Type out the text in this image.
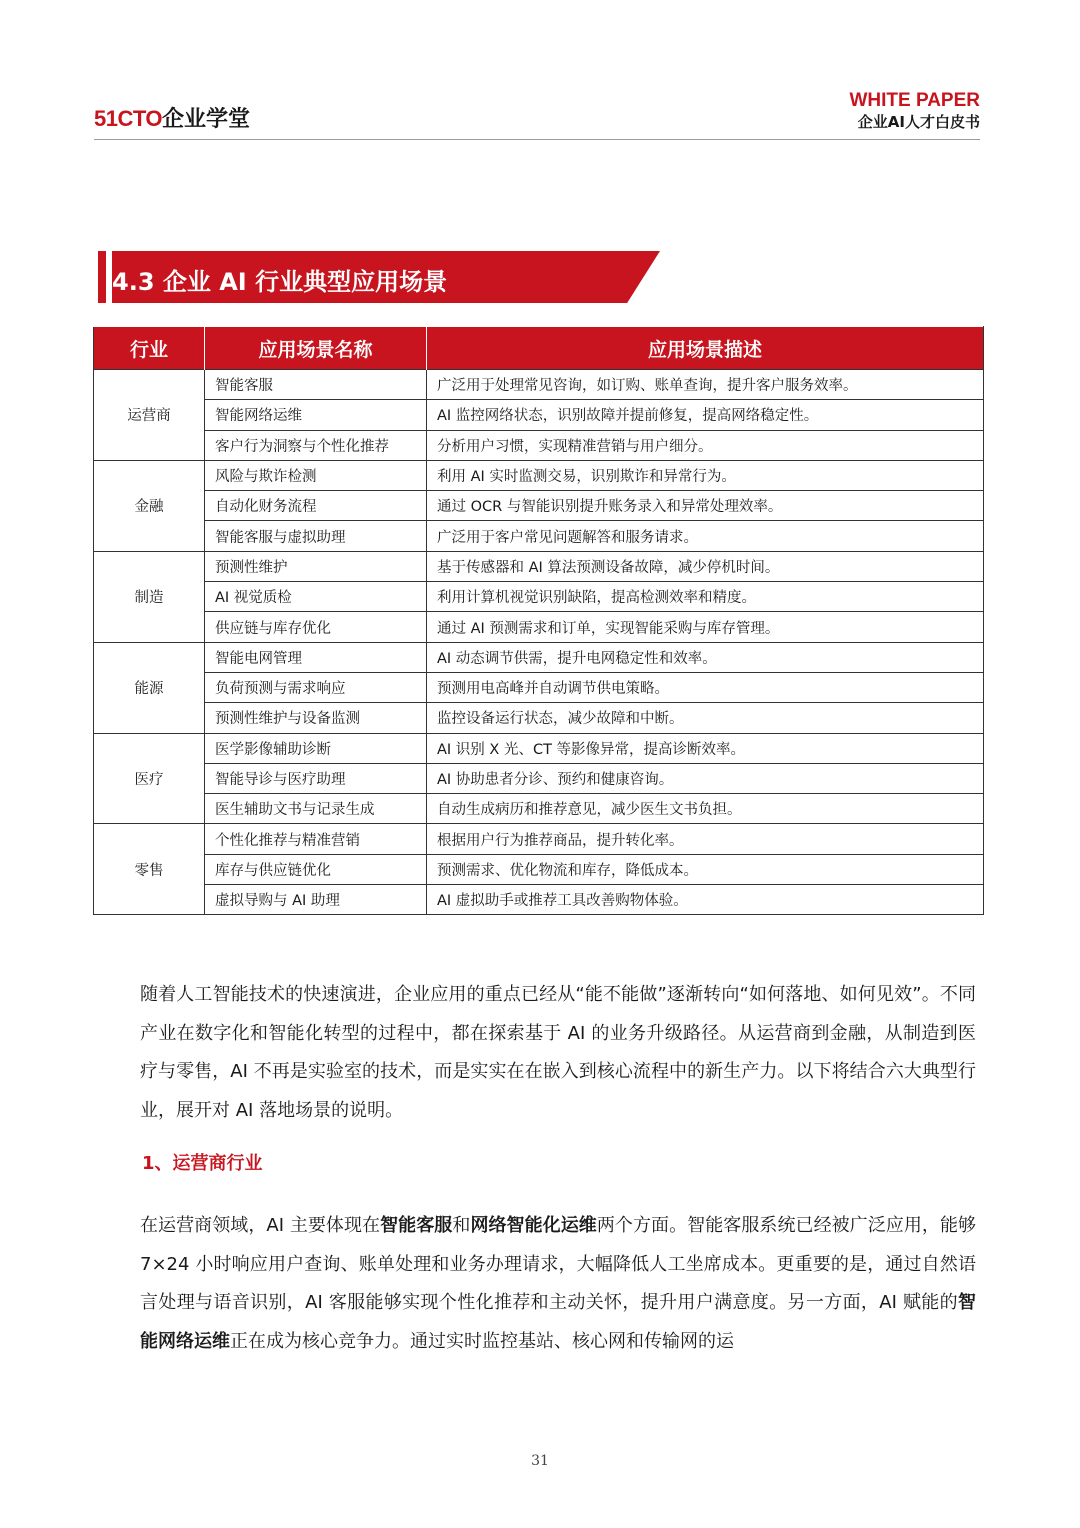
51CTO企业学堂
WHITE PAPER
企业AI人才白皮书
4.3 企业 AI 行业典型应用场景
行业	应用场景名称	应用场景描述
运营商	智能客服	广泛用于处理常见咨询，如订购、账单查询，提升客户服务效率。
	智能网络运维	AI 监控网络状态，识别故障并提前修复，提高网络稳定性。
	客户行为洞察与个性化推荐	分析用户习惯，实现精准营销与用户细分。
金融	风险与欺诈检测	利用 AI 实时监测交易，识别欺诈和异常行为。
	自动化财务流程	通过 OCR 与智能识别提升账务录入和异常处理效率。
	智能客服与虚拟助理	广泛用于客户常见问题解答和服务请求。
制造	预测性维护	基于传感器和 AI 算法预测设备故障，减少停机时间。
	AI 视觉质检	利用计算机视觉识别缺陷，提高检测效率和精度。
	供应链与库存优化	通过 AI 预测需求和订单，实现智能采购与库存管理。
能源	智能电网管理	AI 动态调节供需，提升电网稳定性和效率。
	负荷预测与需求响应	预测用电高峰并自动调节供电策略。
	预测性维护与设备监测	监控设备运行状态，减少故障和中断。
医疗	医学影像辅助诊断	AI 识别 X 光、CT 等影像异常，提高诊断效率。
	智能导诊与医疗助理	AI 协助患者分诊、预约和健康咨询。
	医生辅助文书与记录生成	自动生成病历和推荐意见，减少医生文书负担。
零售	个性化推荐与精准营销	根据用户行为推荐商品，提升转化率。
	库存与供应链优化	预测需求、优化物流和库存，降低成本。
	虚拟导购与 AI 助理	AI 虚拟助手或推荐工具改善购物体验。
随着人工智能技术的快速演进，企业应用的重点已经从“能不能做”逐渐转向“如何落地、如何见效”。不同产业在数字化和智能化转型的过程中，都在探索基于 AI 的业务升级路径。从运营商到金融，从制造到医疗与零售，AI 不再是实验室的技术，而是实实在在嵌入到核心流程中的新生产力。以下将结合六大典型行业，展开对 AI 落地场景的说明。
1、运营商行业
在运营商领域，AI 主要体现在智能客服和网络智能化运维两个方面。智能客服系统已经被广泛应用，能够 7×24 小时响应用户查询、账单处理和业务办理请求，大幅降低人工坐席成本。更重要的是，通过自然语言处理与语音识别，AI 客服能够实现个性化推荐和主动关怀，提升用户满意度。另一方面，AI 赋能的智能网络运维正在成为核心竞争力。通过实时监控基站、核心网和传输网的运
31
